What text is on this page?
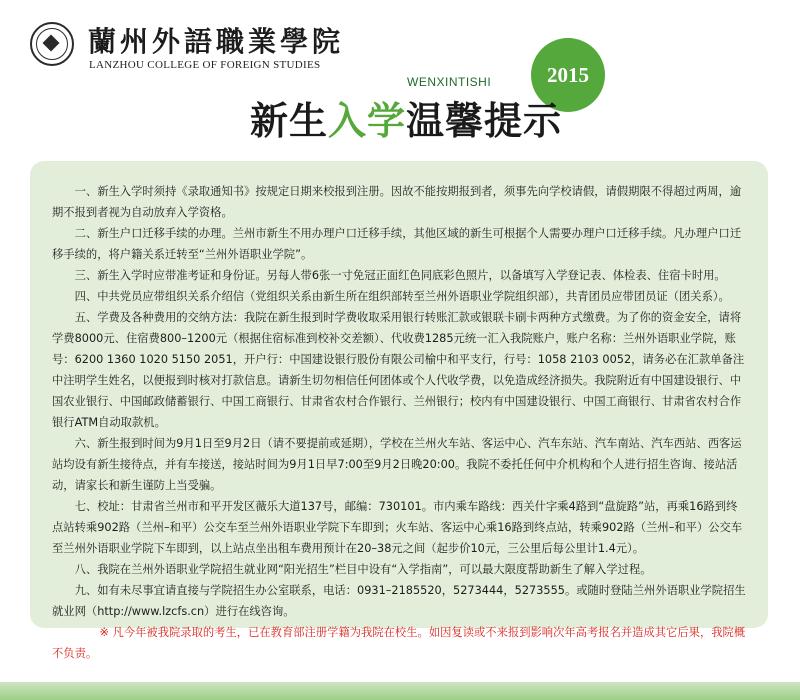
蘭州外語職業學院
LANZHOU COLLEGE OF FOREIGN STUDIES	2015
WENXINTISHI
新生入学温馨提示

一、新生入学时须持《录取通知书》按规定日期来校报到注册。因故不能按期报到者，须事先向学校请假，请假期限不得超过两周，逾期不报到者视为自动放弃入学资格。

二、新生户口迁移手续的办理。兰州市新生不用办理户口迁移手续，其他区域的新生可根据个人需要办理户口迁移手续。凡办理户口迁移手续的，将户籍关系迁转至“兰州外语职业学院”。

三、新生入学时应带准考证和身份证。另每人带6张一寸免冠正面红色同底彩色照片，以备填写入学登记表、体检表、住宿卡时用。

四、中共党员应带组织关系介绍信（党组织关系由新生所在组织部转至兰州外语职业学院组织部），共青团员应带团员证（团关系）。

五、学费及各种费用的交纳方法：我院在新生报到时学费收取采用银行转账汇款或银联卡刷卡两种方式缴费。为了你的资金安全，请将学费8000元、住宿费800–1200元（根据住宿标准到校补交差额）、代收费1285元统一汇入我院账户，账户名称：兰州外语职业学院，账号：6200 1360 1020 5150 2051，开户行：中国建设银行股份有限公司榆中和平支行，行号：1058 2103 0052，请务必在汇款单备注中注明学生姓名，以便报到时核对打款信息。请新生切勿相信任何团体或个人代收学费，以免造成经济损失。我院附近有中国建设银行、中国农业银行、中国邮政储蓄银行、中国工商银行、甘肃省农村合作银行、兰州银行；校内有中国建设银行、中国工商银行、甘肃省农村合作银行ATM自动取款机。

六、新生报到时间为9月1日至9月2日（请不要提前或延期），学校在兰州火车站、客运中心、汽车东站、汽车南站、汽车西站、西客运站均设有新生接待点，并有车接送，接站时间为9月1日早7:00至9月2日晚20:00。我院不委托任何中介机构和个人进行招生咨询、接站活动，请家长和新生谨防上当受骗。

七、校址：甘肃省兰州市和平开发区薇乐大道137号，邮编：730101。市内乘车路线：西关什字乘4路到“盘旋路”站，再乘16路到终点站转乘902路（兰州–和平）公交车至兰州外语职业学院下车即到；火车站、客运中心乘16路到终点站，转乘902路（兰州–和平）公交车至兰州外语职业学院下车即到，以上站点坐出租车费用预计在20–38元之间（起步价10元，三公里后每公里计1.4元）。

八、我院在兰州外语职业学院招生就业网“阳光招生”栏目中设有“入学指南”，可以最大限度帮助新生了解入学过程。

九、如有未尽事宜请直接与学院招生办公室联系，电话：0931–2185520，5273444，5273555。或随时登陆兰州外语职业学院招生就业网（http://www.lzcfs.cn）进行在线咨询。

※ 凡今年被我院录取的考生，已在教育部注册学籍为我院在校生。如因复读或不来报到影响次年高考报名并造成其它后果，我院概不负责。
